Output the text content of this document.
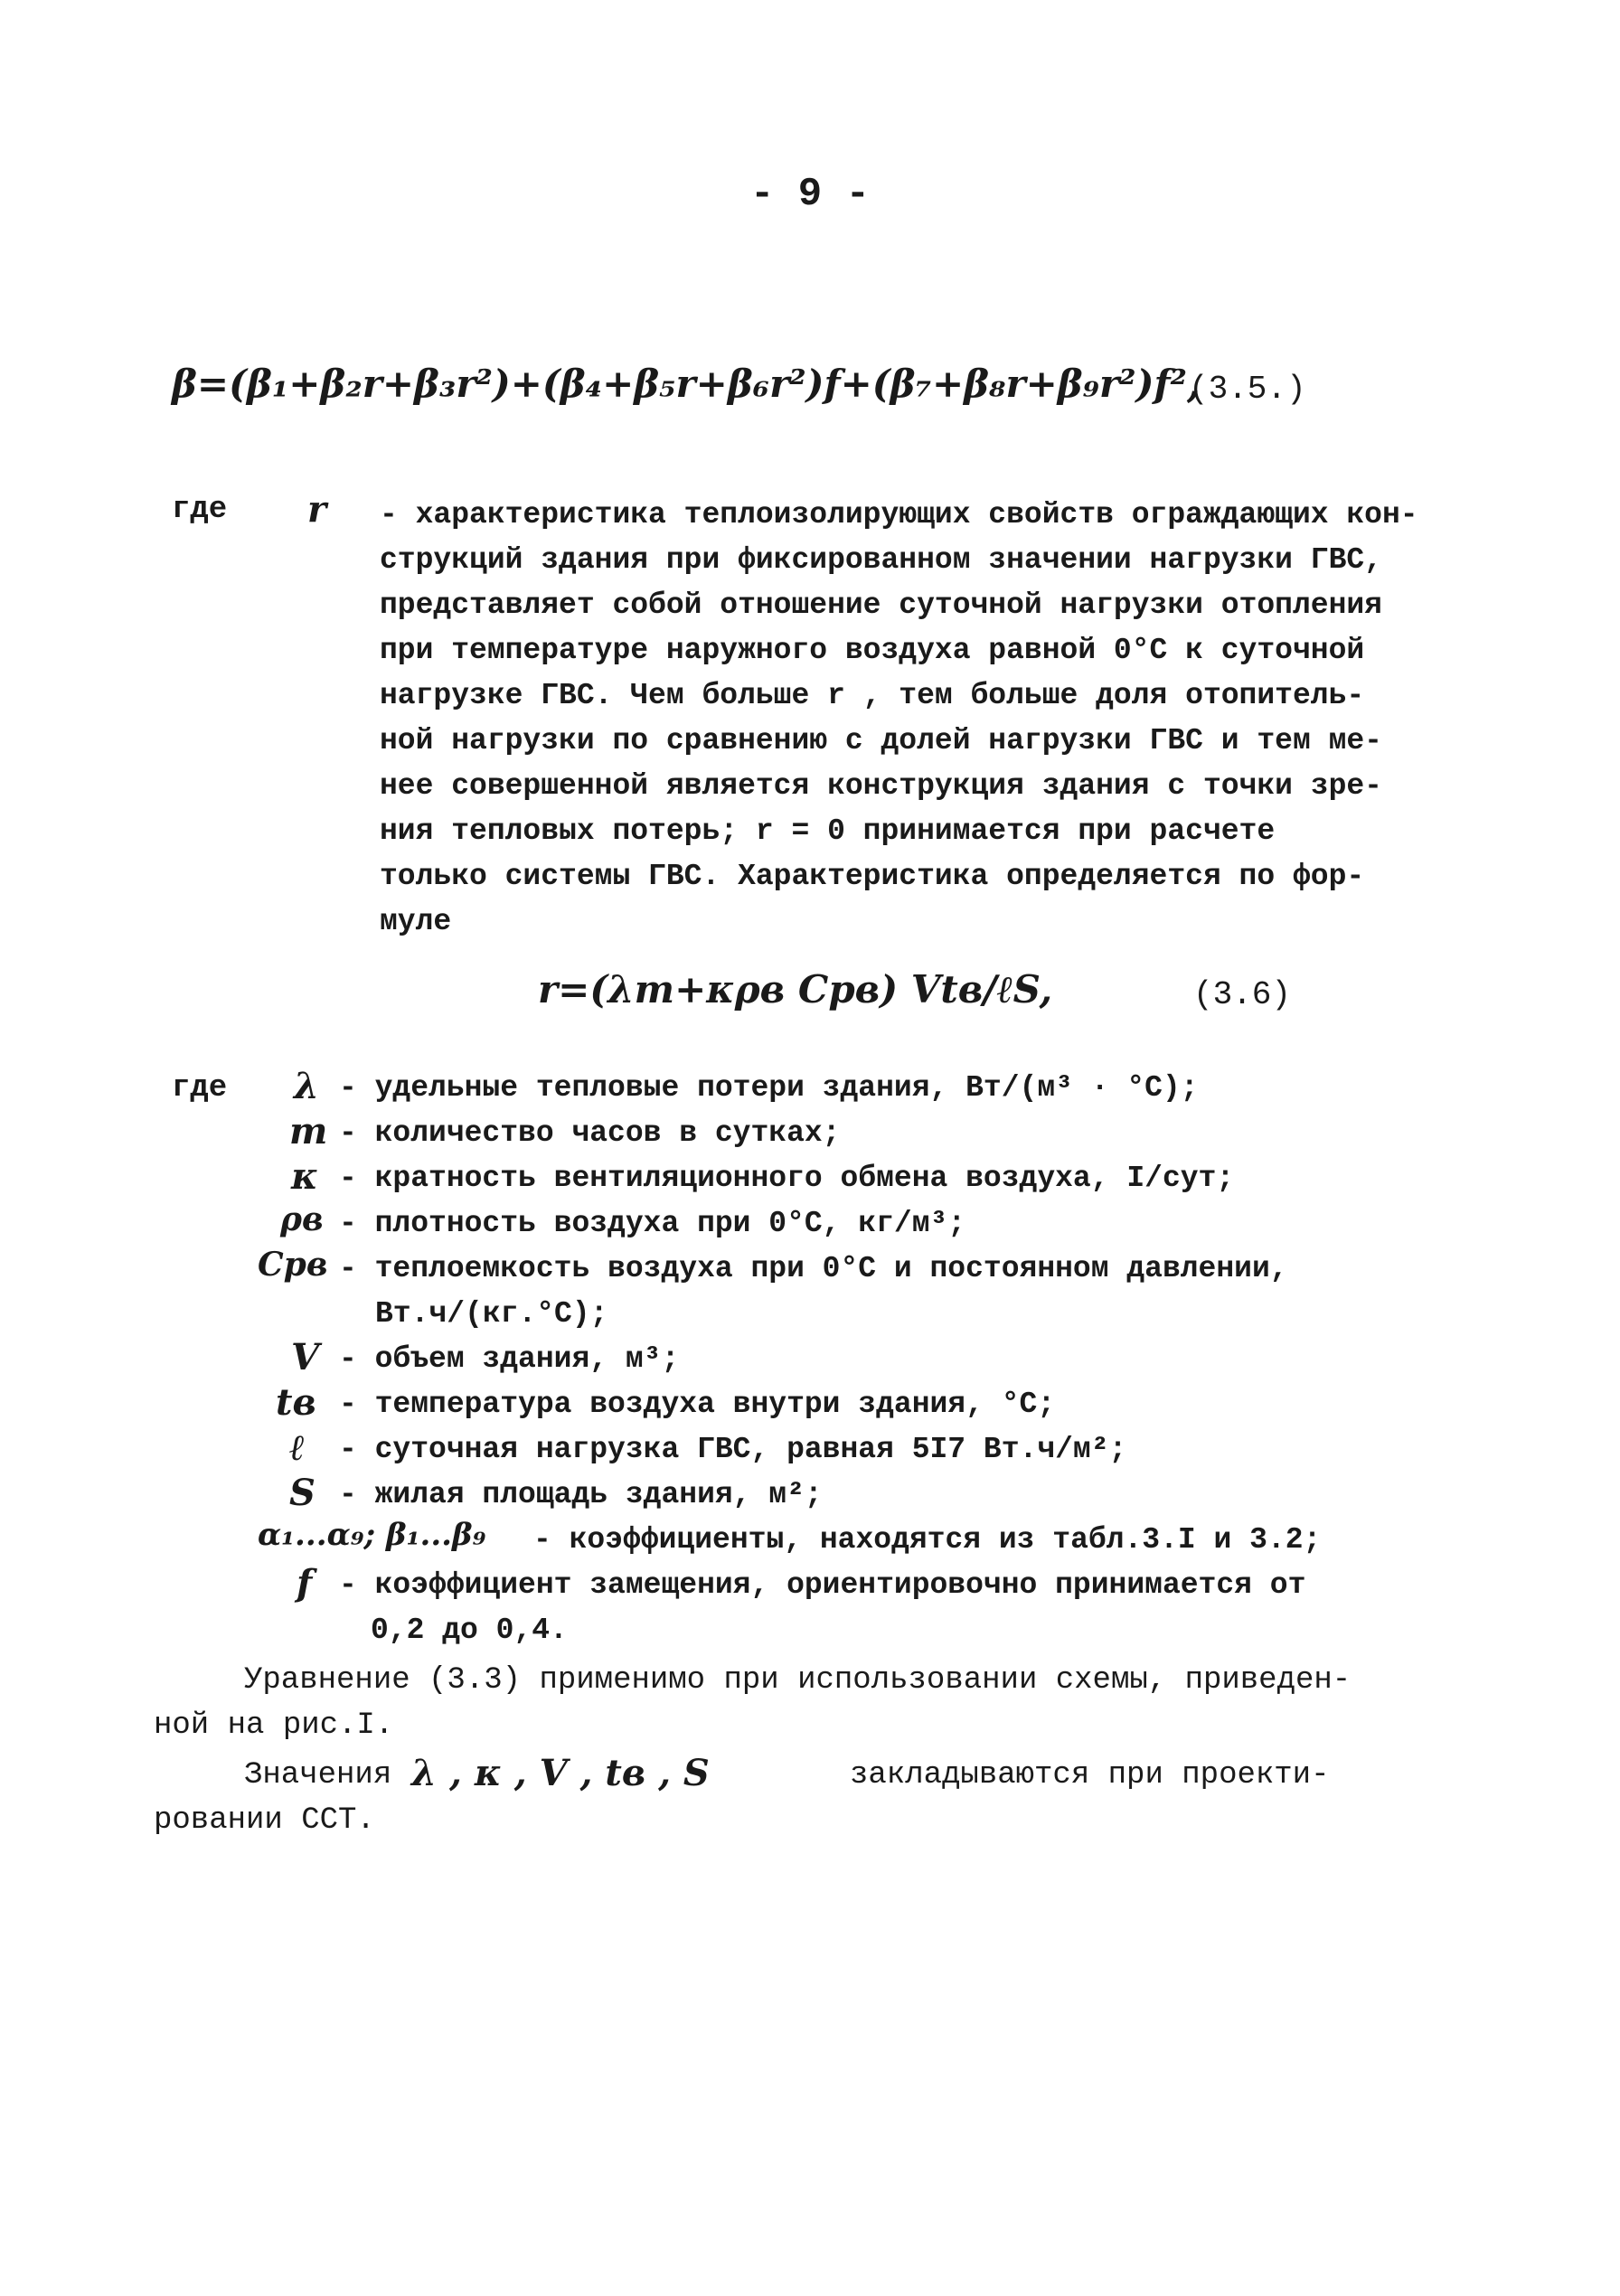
- 9 -
β=(β₁+β₂r+β₃r²)+(β₄+β₅r+β₆r²)f+(β₇+β₈r+β₉r²)f²,
(3.5.)
где r - характеристика теплоизолирующих свойств ограждающих кон-
струкций здания при фиксированном значении нагрузки ГВС,
представляет собой отношение суточной нагрузки отопления
при температуре наружного воздуха равной 0°С к суточной
нагрузке ГВС. Чем больше r , тем больше доля отопитель-
ной нагрузки по сравнению с долей нагрузки ГВС и тем ме-
нее совершенной является конструкция здания с точки зре-
ния тепловых потерь; r = 0 принимается при расчете
только системы ГВС. Характеристика определяется по фор-
муле
r=(λm+κρв Cpв) Vtв/ℓS,	(3.6)
где λ - удельные тепловые потери здания, Вт/(м³ · °С);
m - количество часов в сутках;
κ - кратность вентиляционного обмена воздуха, I/сут;
ρв - плотность воздуха при 0°С, кг/м³;
Cpв - теплоемкость воздуха при 0°С и постоянном давлении,
Вт.ч/(кг.°С);
V - объем здания, м³;
tв - температура воздуха внутри здания, °С;
ℓ - суточная нагрузка ГВС, равная 5I7 Вт.ч/м²;
S - жилая площадь здания, м²;
α₁...α₉; β₁...β₉ - коэффициенты, находятся из табл.3.I и 3.2;
f - коэффициент замещения, ориентировочно принимается от
0,2 до 0,4.
Уравнение (3.3) применимо при использовании схемы, приведен-
ной на рис.I.
Значения λ , κ , V , tв , S	закладываются при проекти-
ровании ССТ.
